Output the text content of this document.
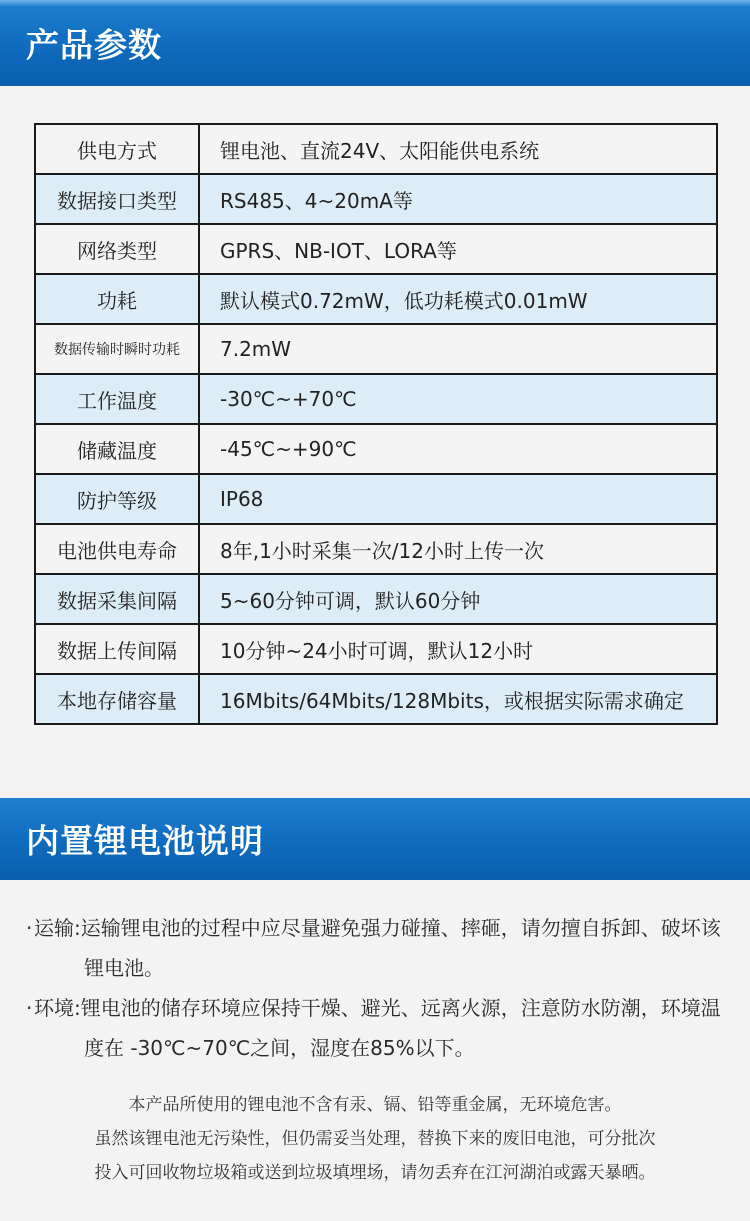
产品参数
供电方式	锂电池、直流24V、太阳能供电系统
数据接口类型	RS485、4~20mA等
网络类型	GPRS、NB-IOT、LORA等
功耗	默认模式0.72mW，低功耗模式0.01mW
数据传输时瞬时功耗	7.2mW
工作温度	-30℃~+70℃
储藏温度	-45℃~+90℃
防护等级	IP68
电池供电寿命	8年,1小时采集一次/12小时上传一次
数据采集间隔	5~60分钟可调，默认60分钟
数据上传间隔	10分钟~24小时可调，默认12小时
本地存储容量	16Mbits/64Mbits/128Mbits，或根据实际需求确定
内置锂电池说明
·运输:运输锂电池的过程中应尽量避免强力碰撞、摔砸，请勿擅自拆卸、破坏该锂电池。
·环境:锂电池的储存环境应保持干燥、避光、远离火源，注意防水防潮，环境温度在 -30℃~70℃之间，湿度在85%以下。
本产品所使用的锂电池不含有汞、镉、铅等重金属，无环境危害。
虽然该锂电池无污染性，但仍需妥当处理，替换下来的废旧电池，可分批次
投入可回收物垃圾箱或送到垃圾填埋场，请勿丢弃在江河湖泊或露天暴晒。
